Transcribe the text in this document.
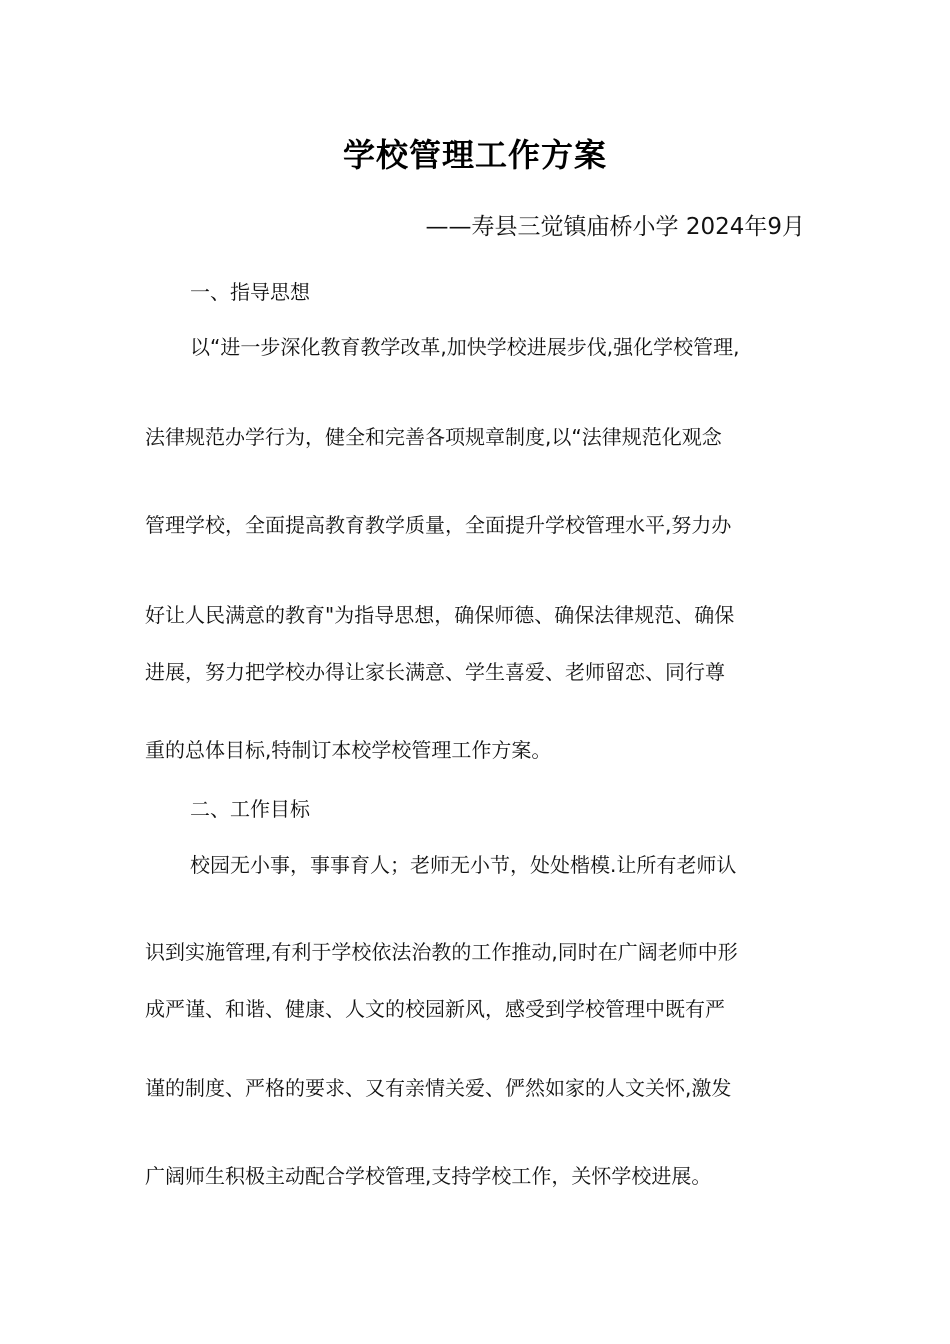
学校管理工作方案
——寿县三觉镇庙桥小学 2024年9月
一、指导思想
以“进一步深化教育教学改革,加快学校进展步伐,强化学校管理,
法律规范办学行为，健全和完善各项规章制度,以“法律规范化观念
管理学校，全面提高教育教学质量，全面提升学校管理水平,努力办
好让人民满意的教育"为指导思想，确保师德、确保法律规范、确保
进展，努力把学校办得让家长满意、学生喜爱、老师留恋、同行尊
重的总体目标,特制订本校学校管理工作方案。
二、工作目标
校园无小事，事事育人；老师无小节，处处楷模.让所有老师认
识到实施管理,有利于学校依法治教的工作推动,同时在广阔老师中形
成严谨、和谐、健康、人文的校园新风，感受到学校管理中既有严
谨的制度、严格的要求、又有亲情关爱、俨然如家的人文关怀,激发
广阔师生积极主动配合学校管理,支持学校工作，关怀学校进展。
